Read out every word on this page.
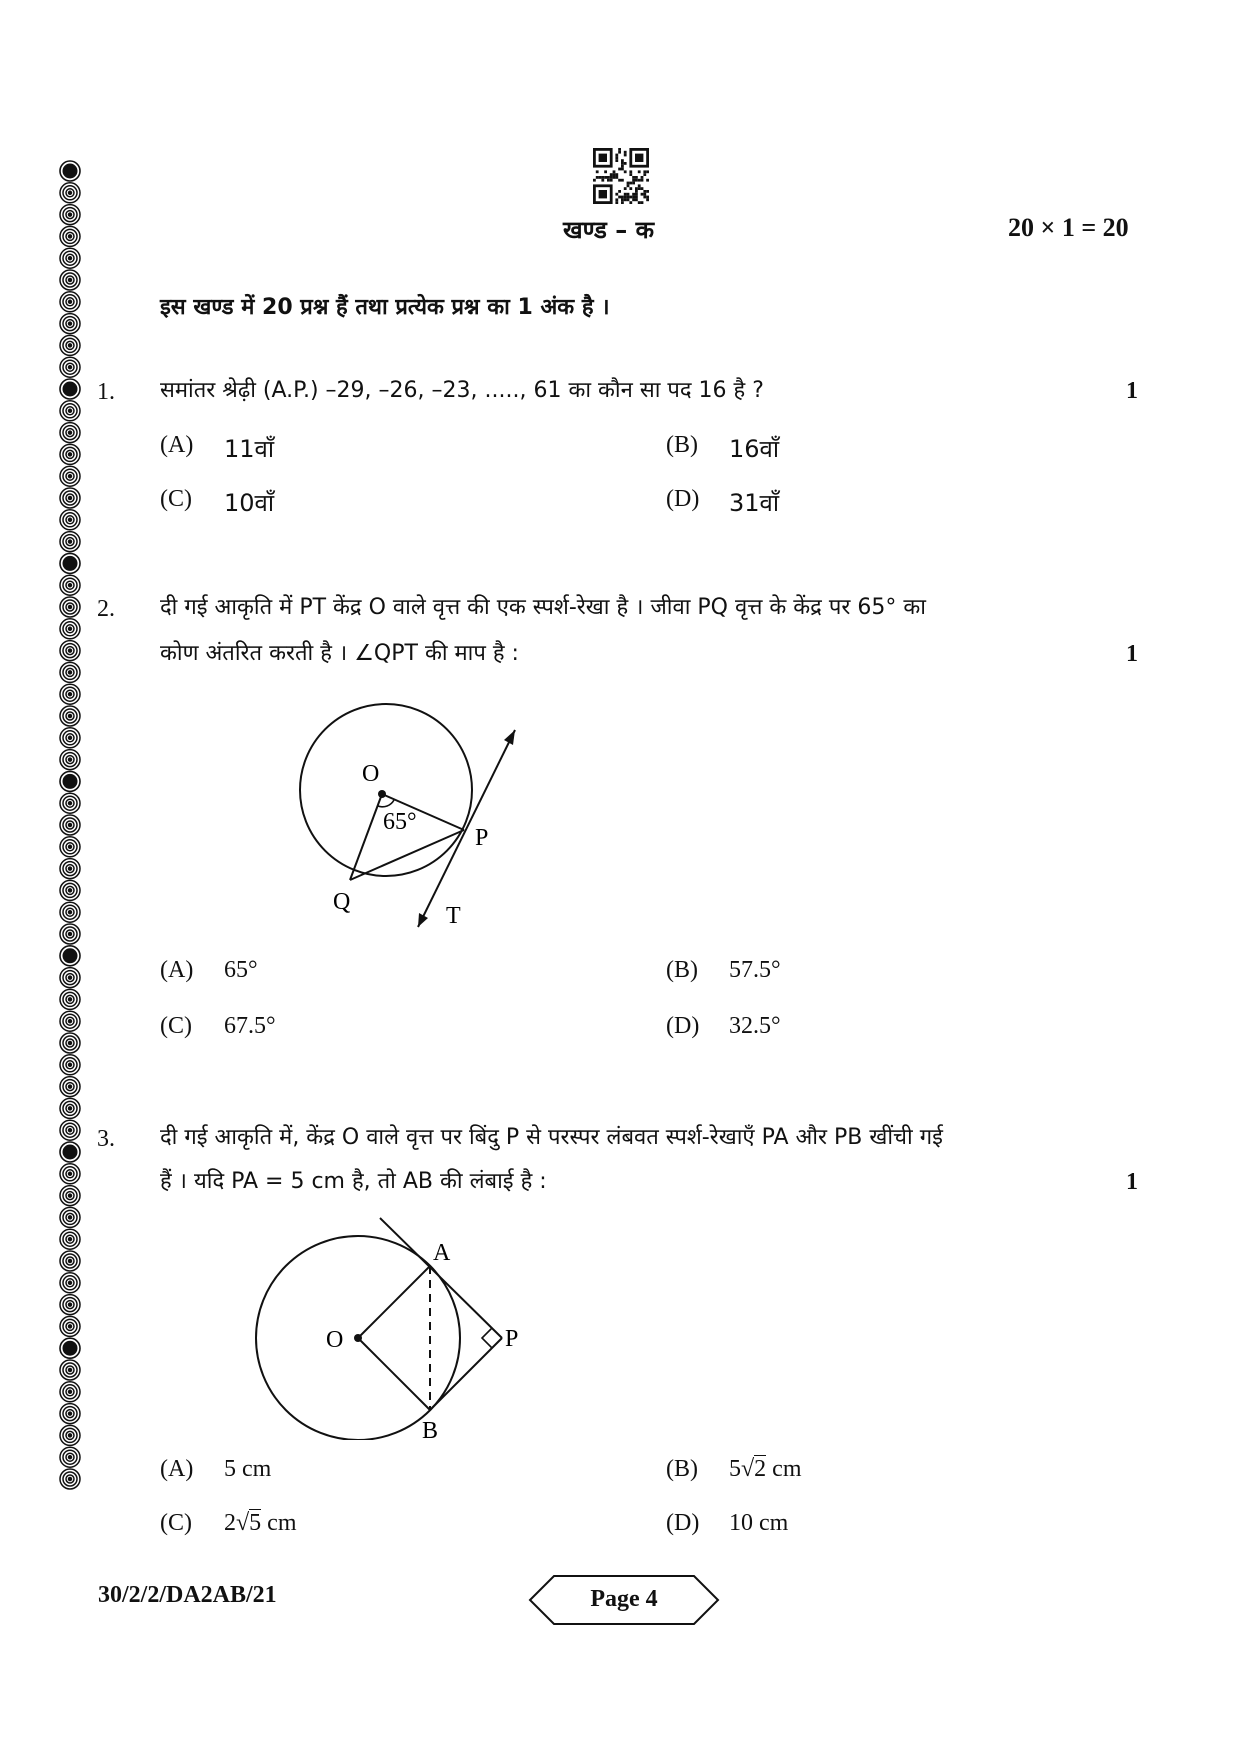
खण्ड – क	20 × 1 = 20
इस खण्ड में 20 प्रश्न हैं तथा प्रत्येक प्रश्न का 1 अंक है ।
1. समांतर श्रेढ़ी (A.P.) –29, –26, –23, ....., 61 का कौन सा पद 16 है ?	1
(A) 11वाँ	(B) 16वाँ
(C) 10वाँ	(D) 31वाँ
2. दी गई आकृति में PT केंद्र O वाले वृत्त की एक स्पर्श-रेखा है । जीवा PQ वृत्त के केंद्र पर 65° का
कोण अंतरित करती है । ∠QPT की माप है :	1
O
65°
P
Q
T
(A) 65°	(B) 57.5°
(C) 67.5°	(D) 32.5°
3. दी गई आकृति में, केंद्र O वाले वृत्त पर बिंदु P से परस्पर लंबवत स्पर्श-रेखाएँ PA और PB खींची गई
हैं । यदि PA = 5 cm है, तो AB की लंबाई है :	1
O
A
B
P
(A) 5 cm	(B) 5√2 cm
(C) 2√5 cm	(D) 10 cm
30/2/2/DA2AB/21	Page 4
